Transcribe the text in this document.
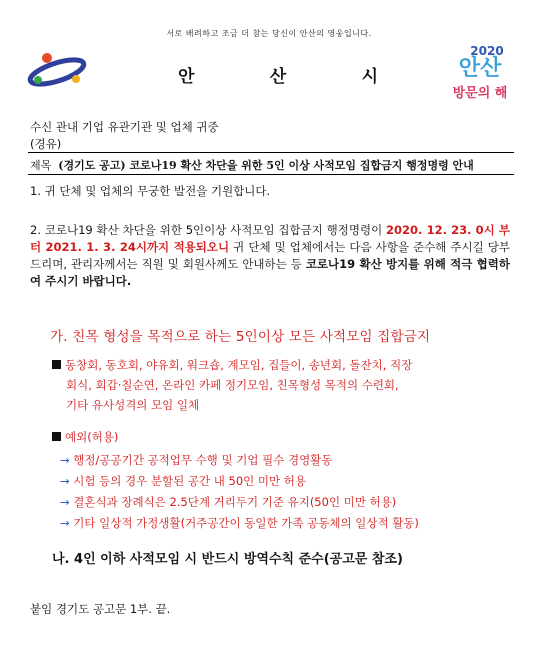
서로 배려하고 조금 더 참는 당신이 안산의 영웅입니다.
안	산	시
2020
안산
방문의 해
수신 관내 기업 유관기관 및 업체 귀중
(경유)
제목 (경기도 공고) 코로나19 확산 차단을 위한 5인 이상 사적모임 집합금지 행정명령 안내
1. 귀 단체 및 업체의 무궁한 발전을 기원합니다.
2. 코로나19 확산 차단을 위한 5인이상 사적모임 집합금지 행정명령이 2020. 12. 23. 0시 부터 2021. 1. 3. 24시까지 적용되오니 귀 단체 및 업체에서는 다음 사항을 준수해 주시길 당부 드리며, 관리자께서는 직원 및 회원사께도 안내하는 등 코로나19 확산 방지를 위해 적극 협력하여 주시기 바랍니다.
가. 친목 형성을 목적으로 하는 5인이상 모든 사적모임 집합금지
동창회, 동호회, 야유회, 워크숍, 계모임, 집들이, 송년회, 돌잔치, 직장
회식, 회갑·칠순연, 온라인 카페 정기모임, 친목형성 목적의 수련회,
기타 유사성격의 모임 일체
예외(허용)
→ 행정/공공기간 공적업무 수행 및 기업 필수 경영활동
→ 시험 등의 경우 분할된 공간 내 50인 미만 허용
→ 결혼식과 장례식은 2.5단계 거리두기 기준 유지(50인 미만 허용)
→ 기타 일상적 가정생활(거주공간이 동일한 가족 공동체의 일상적 활동)
나. 4인 이하 사적모임 시 반드시 방역수칙 준수(공고문 참조)
붙임 경기도 공고문 1부. 끝.
